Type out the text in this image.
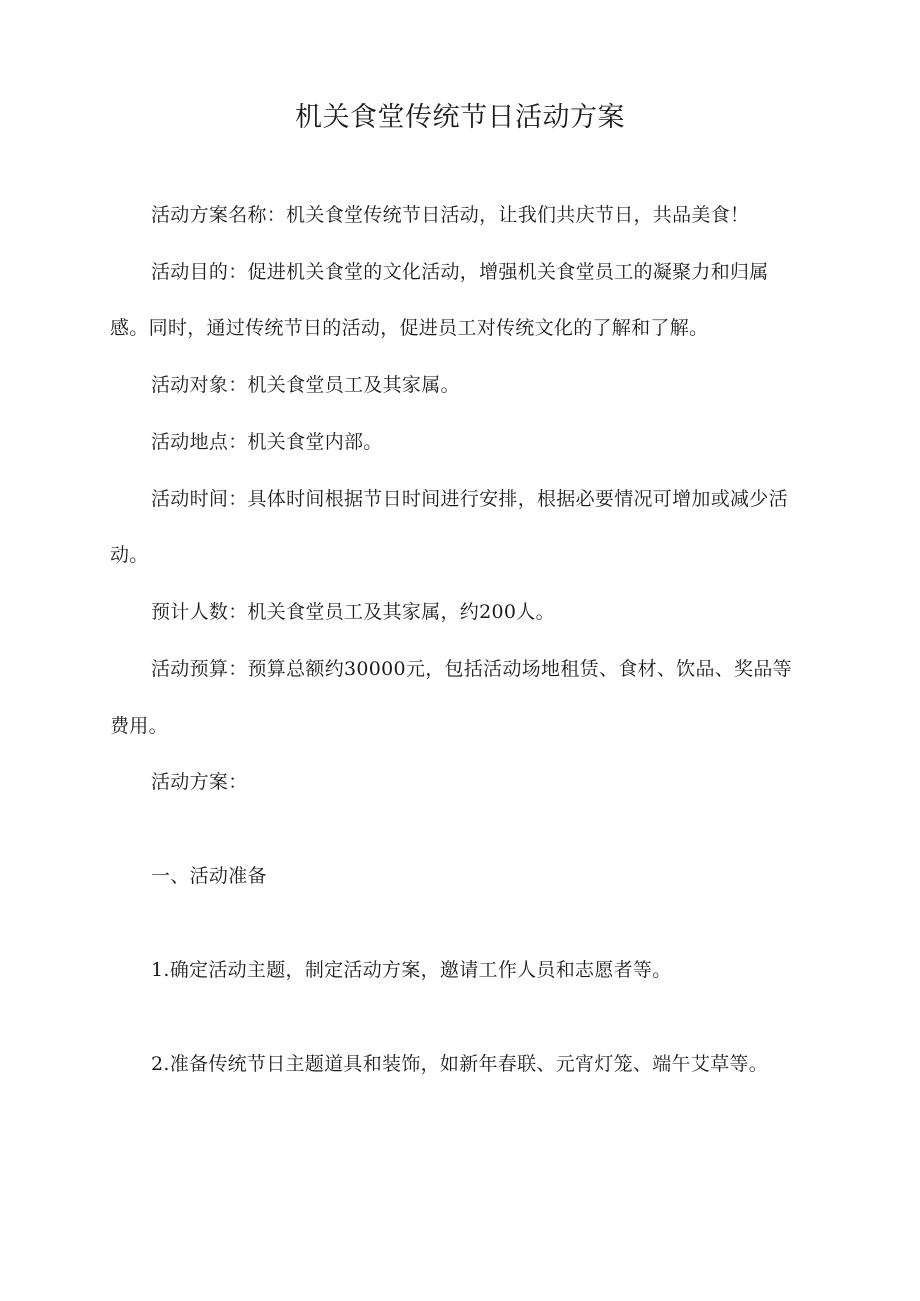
机关食堂传统节日活动方案

活动方案名称：机关食堂传统节日活动，让我们共庆节日，共品美食！

活动目的：促进机关食堂的文化活动，增强机关食堂员工的凝聚力和归属

感。同时，通过传统节日的活动，促进员工对传统文化的了解和了解。

活动对象：机关食堂员工及其家属。

活动地点：机关食堂内部。

活动时间：具体时间根据节日时间进行安排，根据必要情况可增加或减少活

动。

预计人数：机关食堂员工及其家属，约200人。

活动预算：预算总额约30000元，包括活动场地租赁、食材、饮品、奖品等

费用。

活动方案：

一、活动准备

1.确定活动主题，制定活动方案，邀请工作人员和志愿者等。

2.准备传统节日主题道具和装饰，如新年春联、元宵灯笼、端午艾草等。
